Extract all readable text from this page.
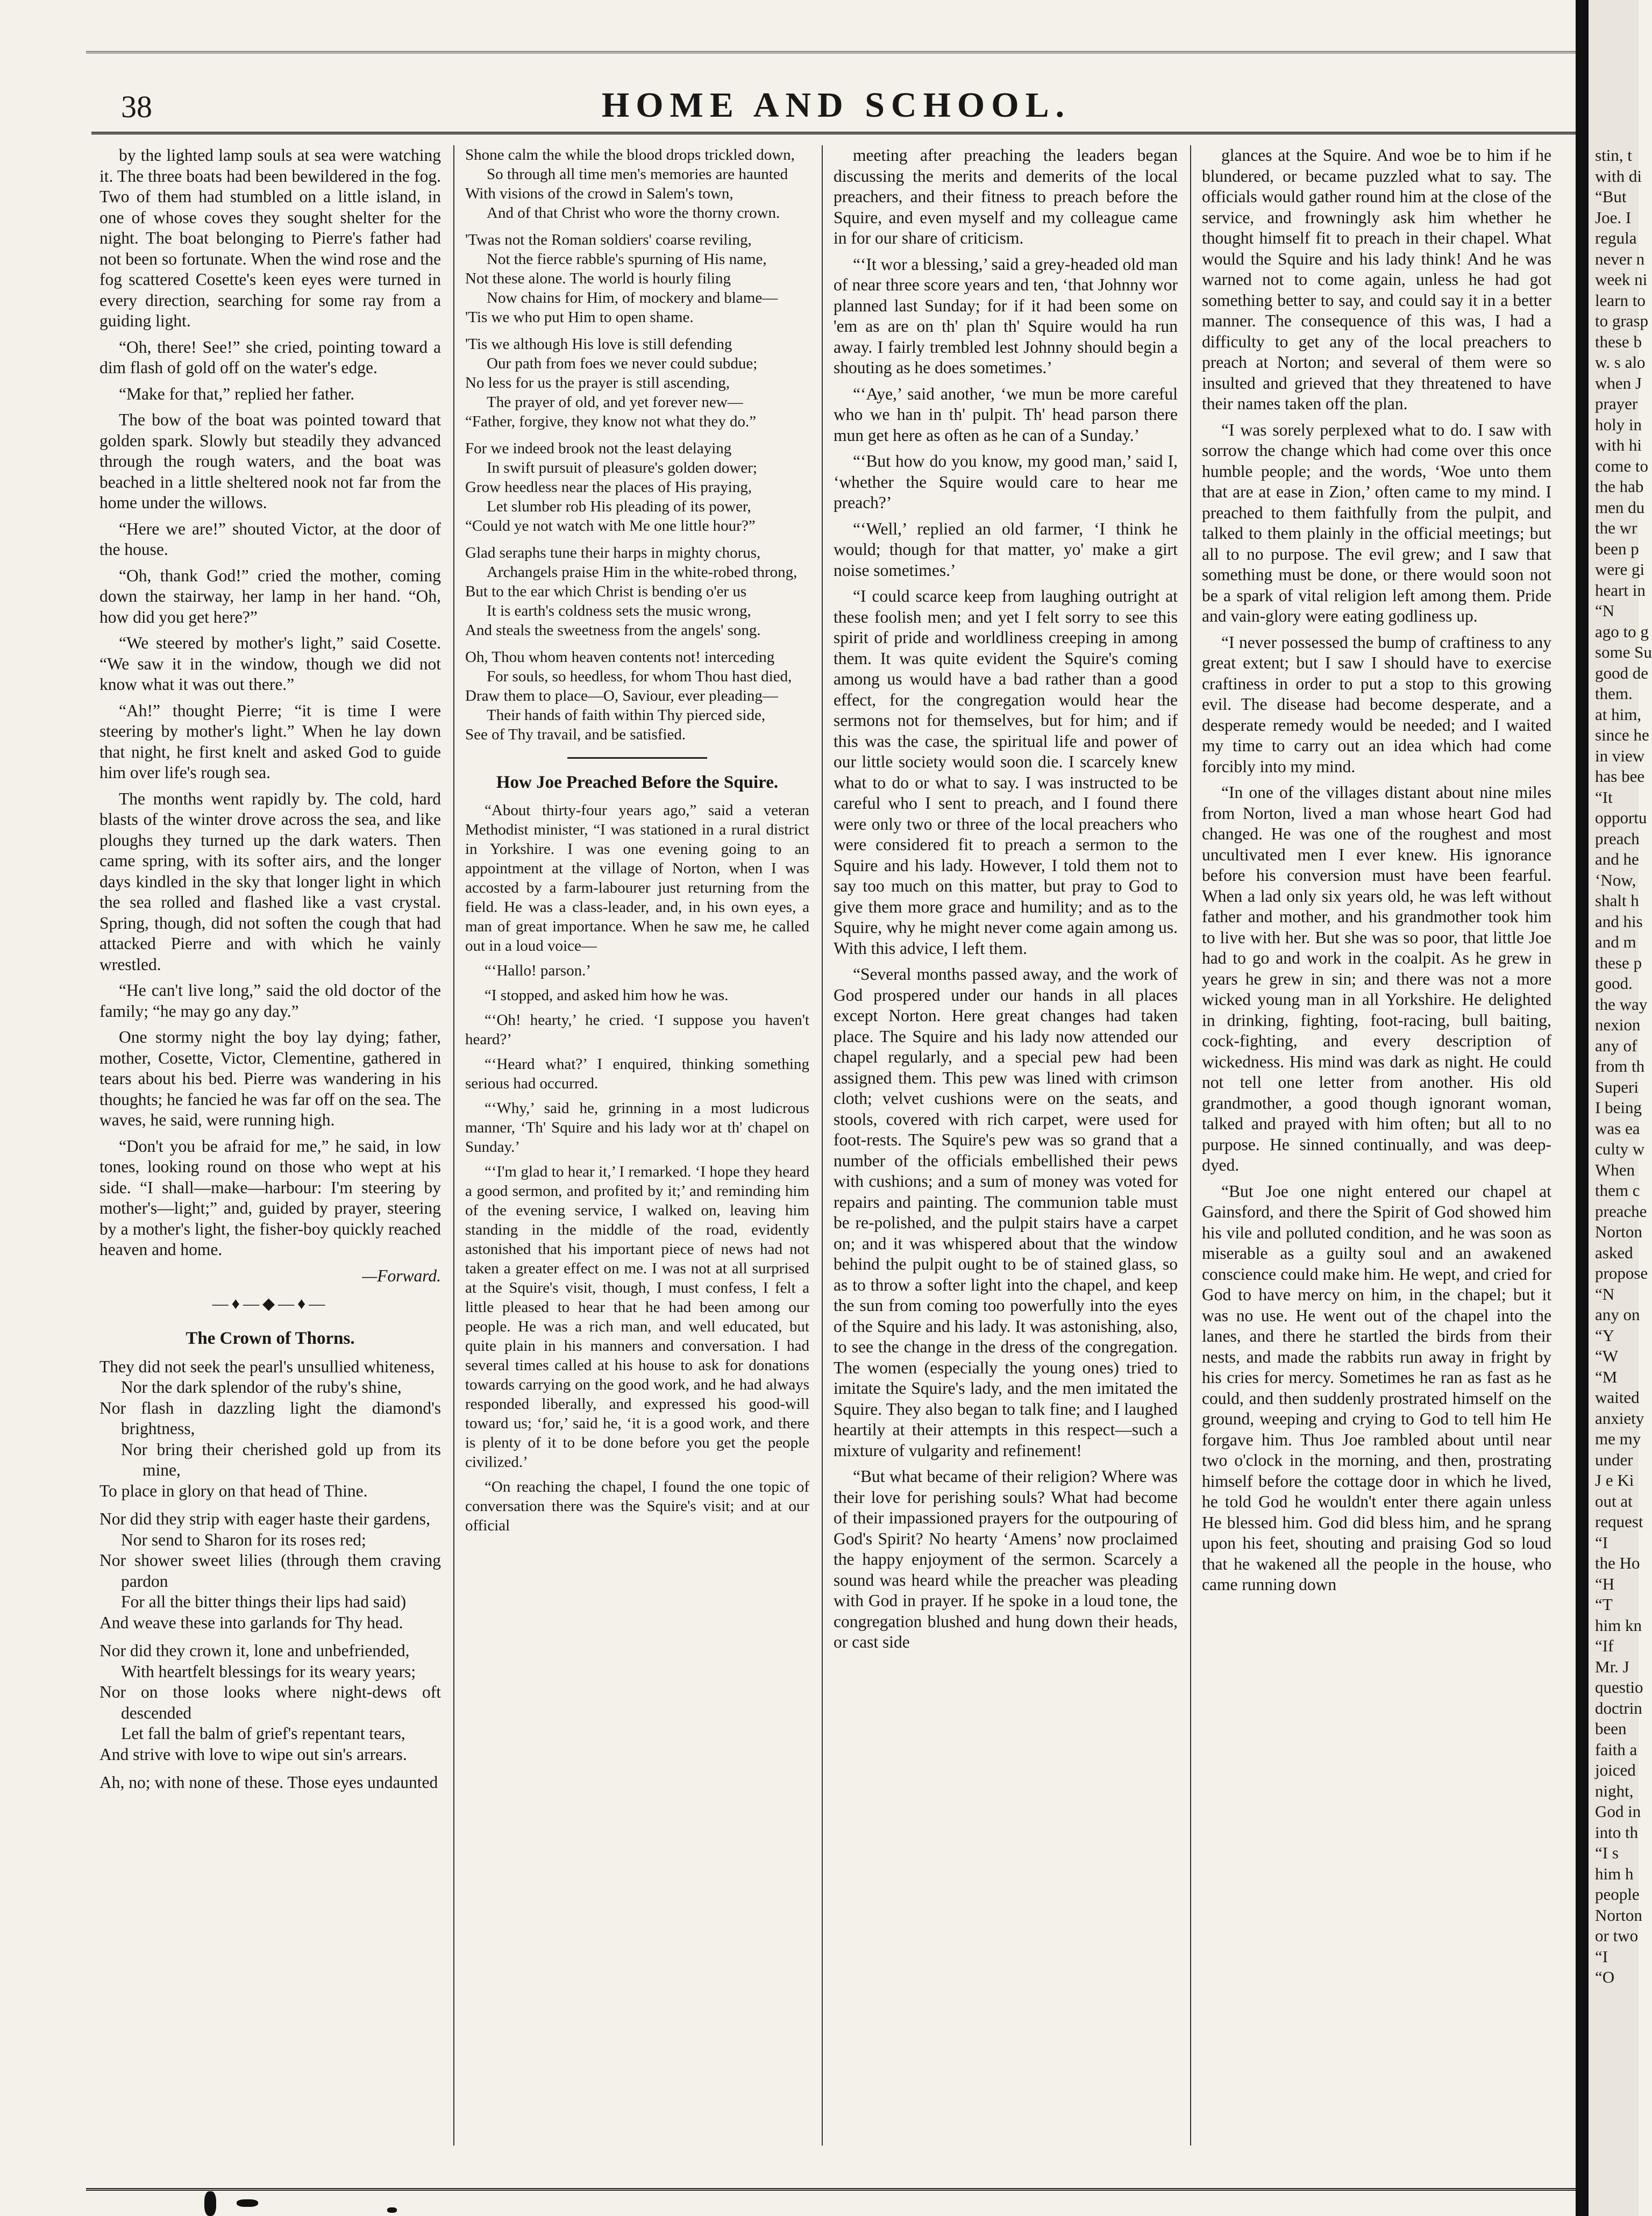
38	HOME AND SCHOOL.

by the lighted lamp souls at sea were watching it. The three boats had been bewildered in the fog. Two of them had stumbled on a little island, in one of whose coves they sought shelter for the night. The boat belonging to Pierre's father had not been so fortunate. When the wind rose and the fog scattered Cosette's keen eyes were turned in every direction, searching for some ray from a guiding light.

“Oh, there! See!” she cried, pointing toward a dim flash of gold off on the water's edge.

“Make for that,” replied her father.

The bow of the boat was pointed toward that golden spark. Slowly but steadily they advanced through the rough waters, and the boat was beached in a little sheltered nook not far from the home under the willows.

“Here we are!” shouted Victor, at the door of the house.

“Oh, thank God!” cried the mother, coming down the stairway, her lamp in her hand. “Oh, how did you get here?”

“We steered by mother's light,” said Cosette. “We saw it in the window, though we did not know what it was out there.”

“Ah!” thought Pierre; “it is time I were steering by mother's light.” When he lay down that night, he first knelt and asked God to guide him over life's rough sea.

The months went rapidly by. The cold, hard blasts of the winter drove across the sea, and like ploughs they turned up the dark waters. Then came spring, with its softer airs, and the longer days kindled in the sky that longer light in which the sea rolled and flashed like a vast crystal. Spring, though, did not soften the cough that had attacked Pierre and with which he vainly wrestled.

“He can't live long,” said the old doctor of the family; “he may go any day.”

One stormy night the boy lay dying; father, mother, Cosette, Victor, Clementine, gathered in tears about his bed. Pierre was wandering in his thoughts; he fancied he was far off on the sea. The waves, he said, were running high.

“Don't you be afraid for me,” he said, in low tones, looking round on those who wept at his side. “I shall—make—harbour: I'm steering by mother's—light;” and, guided by prayer, steering by a mother's light, the fisher-boy quickly reached heaven and home.

—Forward.
—♦—◆—♦—
The Crown of Thorns.
They did not seek the pearl's unsullied whiteness,
Nor the dark splendor of the ruby's shine,
Nor flash in dazzling light the diamond's brightness,
Nor bring their cherished gold up from its mine,
To place in glory on that head of Thine.
Nor did they strip with eager haste their gardens,
Nor send to Sharon for its roses red;
Nor shower sweet lilies (through them craving pardon
For all the bitter things their lips had said)
And weave these into garlands for Thy head.
Nor did they crown it, lone and unbefriended,
With heartfelt blessings for its weary years;
Nor on those looks where night-dews oft descended
Let fall the balm of grief's repentant tears,
And strive with love to wipe out sin's arrears.
Ah, no; with none of these. Those eyes undaunted
Shone calm the while the blood drops trickled down,
So through all time men's memories are haunted
With visions of the crowd in Salem's town,
And of that Christ who wore the thorny crown.
'Twas not the Roman soldiers' coarse reviling,
Not the fierce rabble's spurning of His name,
Not these alone. The world is hourly filing
Now chains for Him, of mockery and blame—
'Tis we who put Him to open shame.
'Tis we although His love is still defending
Our path from foes we never could subdue;
No less for us the prayer is still ascending,
The prayer of old, and yet forever new—
“Father, forgive, they know not what they do.”
For we indeed brook not the least delaying
In swift pursuit of pleasure's golden dower;
Grow heedless near the places of His praying,
Let slumber rob His pleading of its power,
“Could ye not watch with Me one little hour?”
Glad seraphs tune their harps in mighty chorus,
Archangels praise Him in the white-robed throng,
But to the ear which Christ is bending o'er us
It is earth's coldness sets the music wrong,
And steals the sweetness from the angels' song.
Oh, Thou whom heaven contents not! interceding
For souls, so heedless, for whom Thou hast died,
Draw them to place—O, Saviour, ever pleading—
Their hands of faith within Thy pierced side,
See of Thy travail, and be satisfied.
How Joe Preached Before the Squire.

“About thirty-four years ago,” said a veteran Methodist minister, “I was stationed in a rural district in Yorkshire. I was one evening going to an appointment at the village of Norton, when I was accosted by a farm-labourer just returning from the field. He was a class-leader, and, in his own eyes, a man of great importance. When he saw me, he called out in a loud voice—

“‘Hallo! parson.’

“I stopped, and asked him how he was.

“‘Oh! hearty,’ he cried. ‘I suppose you haven't heard?’

“‘Heard what?’ I enquired, thinking something serious had occurred.

“‘Why,’ said he, grinning in a most ludicrous manner, ‘Th' Squire and his lady wor at th' chapel on Sunday.’

“‘I'm glad to hear it,’ I remarked. ‘I hope they heard a good sermon, and profited by it;’ and reminding him of the evening service, I walked on, leaving him standing in the middle of the road, evidently astonished that his important piece of news had not taken a greater effect on me. I was not at all surprised at the Squire's visit, though, I must confess, I felt a little pleased to hear that he had been among our people. He was a rich man, and well educated, but quite plain in his manners and conversation. I had several times called at his house to ask for donations towards carrying on the good work, and he had always responded liberally, and expressed his good-will toward us; ‘for,’ said he, ‘it is a good work, and there is plenty of it to be done before you get the people civilized.’

“On reaching the chapel, I found the one topic of conversation there was the Squire's visit; and at our official

meeting after preaching the leaders began discussing the merits and demerits of the local preachers, and their fitness to preach before the Squire, and even myself and my colleague came in for our share of criticism.

“‘It wor a blessing,’ said a grey-headed old man of near three score years and ten, ‘that Johnny wor planned last Sunday; for if it had been some on 'em as are on th' plan th' Squire would ha run away. I fairly trembled lest Johnny should begin a shouting as he does sometimes.’

“‘Aye,’ said another, ‘we mun be more careful who we han in th' pulpit. Th' head parson there mun get here as often as he can of a Sunday.’

“‘But how do you know, my good man,’ said I, ‘whether the Squire would care to hear me preach?’

“‘Well,’ replied an old farmer, ‘I think he would; though for that matter, yo' make a girt noise sometimes.’

“I could scarce keep from laughing outright at these foolish men; and yet I felt sorry to see this spirit of pride and worldliness creeping in among them. It was quite evident the Squire's coming among us would have a bad rather than a good effect, for the congregation would hear the sermons not for themselves, but for him; and if this was the case, the spiritual life and power of our little society would soon die. I scarcely knew what to do or what to say. I was instructed to be careful who I sent to preach, and I found there were only two or three of the local preachers who were considered fit to preach a sermon to the Squire and his lady. However, I told them not to say too much on this matter, but pray to God to give them more grace and humility; and as to the Squire, why he might never come again among us. With this advice, I left them.

“Several months passed away, and the work of God prospered under our hands in all places except Norton. Here great changes had taken place. The Squire and his lady now attended our chapel regularly, and a special pew had been assigned them. This pew was lined with crimson cloth; velvet cushions were on the seats, and stools, covered with rich carpet, were used for foot-rests. The Squire's pew was so grand that a number of the officials embellished their pews with cushions; and a sum of money was voted for repairs and painting. The communion table must be re-polished, and the pulpit stairs have a carpet on; and it was whispered about that the window behind the pulpit ought to be of stained glass, so as to throw a softer light into the chapel, and keep the sun from coming too powerfully into the eyes of the Squire and his lady. It was astonishing, also, to see the change in the dress of the congregation. The women (especially the young ones) tried to imitate the Squire's lady, and the men imitated the Squire. They also began to talk fine; and I laughed heartily at their attempts in this respect—such a mixture of vulgarity and refinement!

“But what became of their religion? Where was their love for perishing souls? What had become of their impassioned prayers for the outpouring of God's Spirit? No hearty ‘Amens’ now proclaimed the happy enjoyment of the sermon. Scarcely a sound was heard while the preacher was pleading with God in prayer. If he spoke in a loud tone, the congregation blushed and hung down their heads, or cast side

glances at the Squire. And woe be to him if he blundered, or became puzzled what to say. The officials would gather round him at the close of the service, and frowningly ask him whether he thought himself fit to preach in their chapel. What would the Squire and his lady think! And he was warned not to come again, unless he had got something better to say, and could say it in a better manner. The consequence of this was, I had a difficulty to get any of the local preachers to preach at Norton; and several of them were so insulted and grieved that they threatened to have their names taken off the plan.

“I was sorely perplexed what to do. I saw with sorrow the change which had come over this once humble people; and the words, ‘Woe unto them that are at ease in Zion,’ often came to my mind. I preached to them faithfully from the pulpit, and talked to them plainly in the official meetings; but all to no purpose. The evil grew; and I saw that something must be done, or there would soon not be a spark of vital religion left among them. Pride and vain-glory were eating godliness up.

“I never possessed the bump of craftiness to any great extent; but I saw I should have to exercise craftiness in order to put a stop to this growing evil. The disease had become desperate, and a desperate remedy would be needed; and I waited my time to carry out an idea which had come forcibly into my mind.

“In one of the villages distant about nine miles from Norton, lived a man whose heart God had changed. He was one of the roughest and most uncultivated men I ever knew. His ignorance before his conversion must have been fearful. When a lad only six years old, he was left without father and mother, and his grandmother took him to live with her. But she was so poor, that little Joe had to go and work in the coalpit. As he grew in years he grew in sin; and there was not a more wicked young man in all Yorkshire. He delighted in drinking, fighting, foot-racing, bull baiting, cock-fighting, and every description of wickedness. His mind was dark as night. He could not tell one letter from another. His old grandmother, a good though ignorant woman, talked and prayed with him often; but all to no purpose. He sinned continually, and was deep-dyed.

“But Joe one night entered our chapel at Gainsford, and there the Spirit of God showed him his vile and polluted condition, and he was soon as miserable as a guilty soul and an awakened conscience could make him. He wept, and cried for God to have mercy on him, in the chapel; but it was no use. He went out of the chapel into the lanes, and there he startled the birds from their nests, and made the rabbits run away in fright by his cries for mercy. Sometimes he ran as fast as he could, and then suddenly prostrated himself on the ground, weeping and crying to God to tell him He forgave him. Thus Joe rambled about until near two o'clock in the morning, and then, prostrating himself before the cottage door in which he lived, he told God he wouldn't enter there again unless He blessed him. God did bless him, and he sprang upon his feet, shouting and praising God so loud that he wakened all the people in the house, who came running down

stin, t
with di
“But
Joe. I
regula
never n
week ni
learn to
to grasp
these b
w. s alo
when J
prayer
holy in
with hi
come to
the hab
men du
the wr
been p
were gi
heart in
“N
ago to g
some Su
good de
them.
at him,
since he
in view
has bee
“It
opportu
preach
and he
‘Now,
shalt h
and his
and m
these p
good.
the way
nexion
any of
from th
Superi
I being
was ea
culty w
When
them c
preache
Norton
asked
propose
“N
any on
“Y
“W
“M
waited
anxiety
me my
under
J e Ki
out at
request
“I
the Ho
“H
“T
him kn
“If
Mr. J
questio
doctrin
been
faith a
joiced
night,
God in
into th
“I s
him h
people
Norton
or two
“I
“O
